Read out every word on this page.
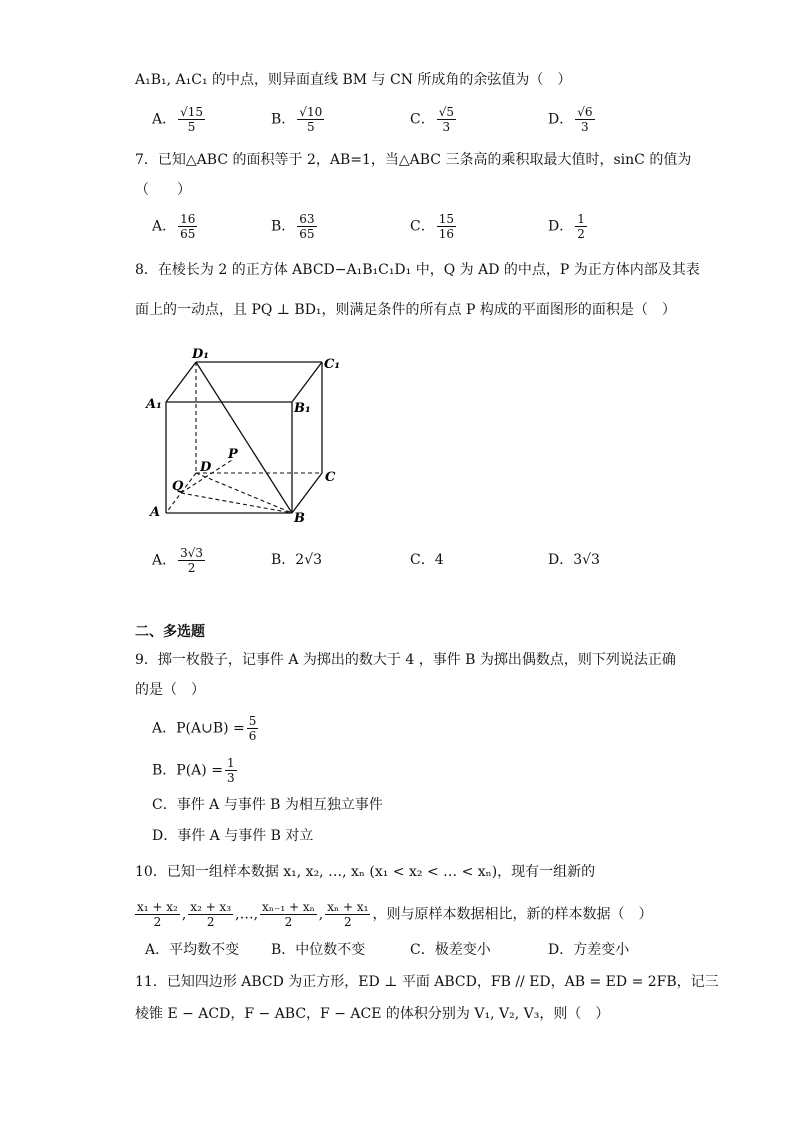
A₁B₁, A₁C₁ 的中点，则异面直线 BM 与 CN 所成角的余弦值为（　）
A． $\frac{√15}{5}$	B． $\frac{√10}{5}$	C． $\frac{√5}{3}$	D． $\frac{√6}{3}$
7．已知△ABC 的面积等于 2，AB=1，当△ABC 三条高的乘积取最大值时，sinC 的值为
（　　）
A． $\frac{16}{65}$	B． $\frac{63}{65}$	C． $\frac{15}{16}$	D． $\frac{1}{2}$
8．在棱长为 2 的正方体 ABCD−A₁B₁C₁D₁ 中，Q 为 AD 的中点，P 为正方体内部及其表
面上的一动点，且 PQ ⊥ BD₁，则满足条件的所有点 P 构成的平面图形的面积是（　）
D₁
C₁
A₁	B₁
D
P
C
Q
A	B
A． $\frac{3√3}{2}$	B．2√3	C．4	D．3√3
二、多选题
9．掷一枚骰子，记事件 A 为掷出的数大于 4 ，事件 B 为掷出偶数点，则下列说法正确
的是（　）
A．P(A∪B) = $\frac{5}{6}$
B．$P(A) = \frac{1}{3}$
C．事件 A 与事件 B 为相互独立事件
D．事件 A 与事件 B 对立
10．已知一组样本数据 x₁, x₂, …, xₙ (x₁ < x₂ < … < xₙ)，现有一组新的
$\frac{\text{x₁ + x₂}}{2}$ , $\frac{\text{x₂ + x₃}}{2}$ ,…, $\frac{\text{xₙ₋₁ + xₙ}}{2}$ , $\frac{\text{xₙ + x₁}}{2}$ ，则与原样本数据相比，新的样本数据（　）
A．平均数不变 B．中位数不变	C．极差变小	D．方差变小
11．已知四边形 ABCD 为正方形，ED ⊥ 平面 ABCD，FB // ED，AB = ED = 2FB，记三
棱锥 E − ACD，F − ABC，F − ACE 的体积分别为 V₁, V₂, V₃，则（　）
